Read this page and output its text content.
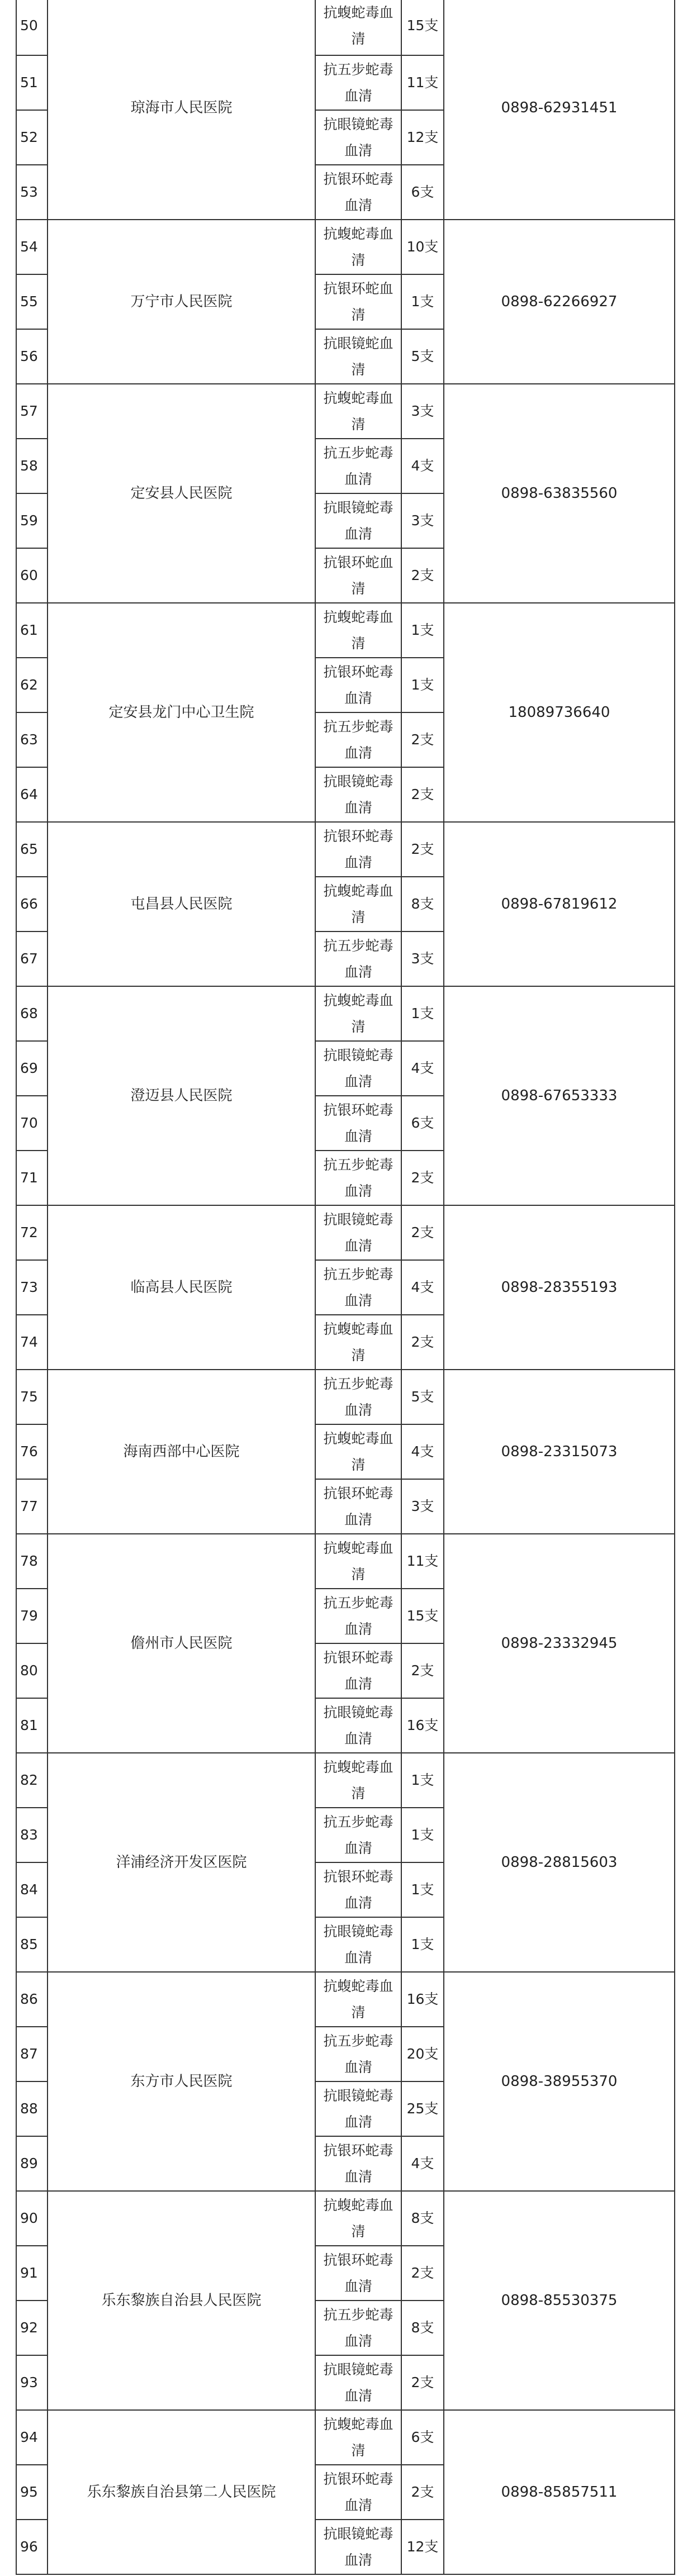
50	琼海市人民医院	抗蝮蛇毒血清	15支	0898-62931451
51		抗五步蛇毒血清	11支	
52		抗眼镜蛇毒血清	12支	
53		抗银环蛇毒血清	6支	
54	万宁市人民医院	抗蝮蛇毒血清	10支	0898-62266927
55		抗银环蛇血清	1支	
56		抗眼镜蛇血清	5支	
57	定安县人民医院	抗蝮蛇毒血清	3支	0898-63835560
58		抗五步蛇毒血清	4支	
59		抗眼镜蛇毒血清	3支	
60		抗银环蛇血清	2支	
61	定安县龙门中心卫生院	抗蝮蛇毒血清	1支	18089736640
62		抗银环蛇毒血清	1支	
63		抗五步蛇毒血清	2支	
64		抗眼镜蛇毒血清	2支	
65	屯昌县人民医院	抗银环蛇毒血清	2支	0898-67819612
66		抗蝮蛇毒血清	8支	
67		抗五步蛇毒血清	3支	
68	澄迈县人民医院	抗蝮蛇毒血清	1支	0898-67653333
69		抗眼镜蛇毒血清	4支	
70		抗银环蛇毒血清	6支	
71		抗五步蛇毒血清	2支	
72	临高县人民医院	抗眼镜蛇毒血清	2支	0898-28355193
73		抗五步蛇毒血清	4支	
74		抗蝮蛇毒血清	2支	
75	海南西部中心医院	抗五步蛇毒血清	5支	0898-23315073
76		抗蝮蛇毒血清	4支	
77		抗银环蛇毒血清	3支	
78	儋州市人民医院	抗蝮蛇毒血清	11支	0898-23332945
79		抗五步蛇毒血清	15支	
80		抗银环蛇毒血清	2支	
81		抗眼镜蛇毒血清	16支	
82	洋浦经济开发区医院	抗蝮蛇毒血清	1支	0898-28815603
83		抗五步蛇毒血清	1支	
84		抗银环蛇毒血清	1支	
85		抗眼镜蛇毒血清	1支	
86	东方市人民医院	抗蝮蛇毒血清	16支	0898-38955370
87		抗五步蛇毒血清	20支	
88		抗眼镜蛇毒血清	25支	
89		抗银环蛇毒血清	4支	
90	乐东黎族自治县人民医院	抗蝮蛇毒血清	8支	0898-85530375
91		抗银环蛇毒血清	2支	
92		抗五步蛇毒血清	8支	
93		抗眼镜蛇毒血清	2支	
94	乐东黎族自治县第二人民医院	抗蝮蛇毒血清	6支	0898-85857511
95		抗银环蛇毒血清	2支	
96		抗眼镜蛇毒血清	12支	
